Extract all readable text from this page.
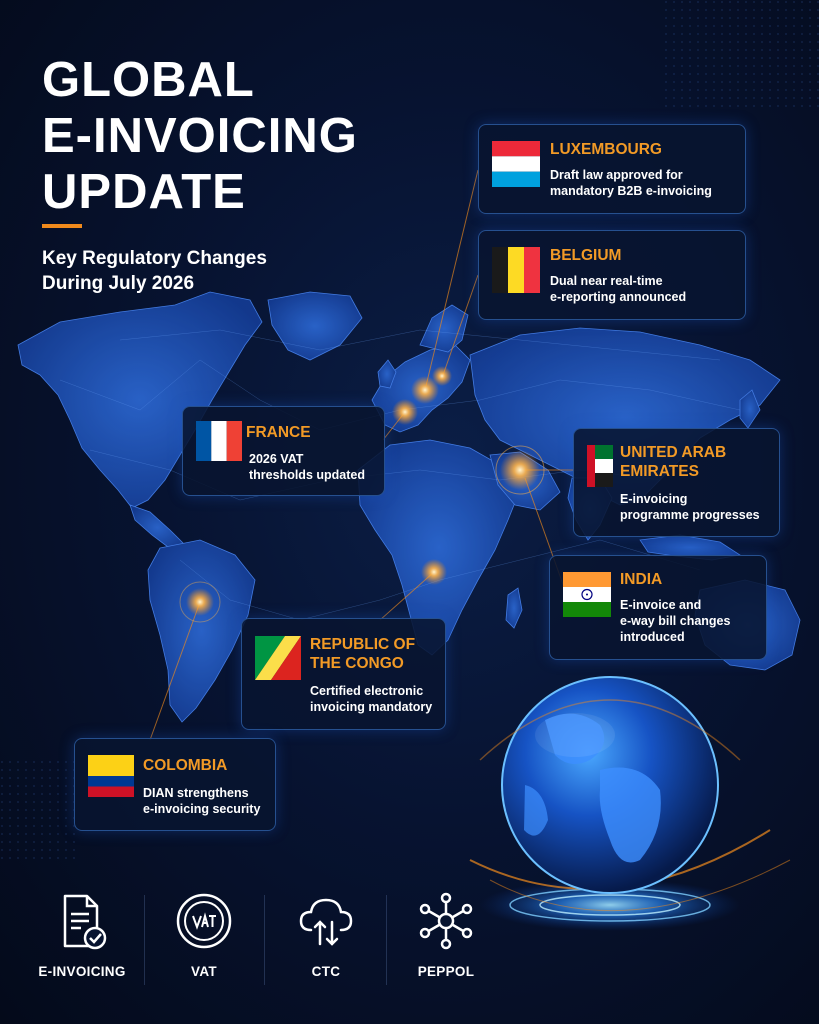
GLOBAL
E-INVOICING
UPDATE

Key Regulatory Changes
During July 2026

LUXEMBOURG
Draft law approved for
mandatory B2B e-invoicing
BELGIUM
Dual near real-time
e-reporting announced
FRANCE
2026 VAT
thresholds updated
UNITED ARAB
EMIRATES
E-invoicing
programme progresses
INDIA
E-invoice and
e-way bill changes
introduced
REPUBLIC OF
THE CONGO
Certified electronic
invoicing mandatory
COLOMBIA
DIAN strengthens
e-invoicing security
E-INVOICING	VAT	CTC	PEPPOL
